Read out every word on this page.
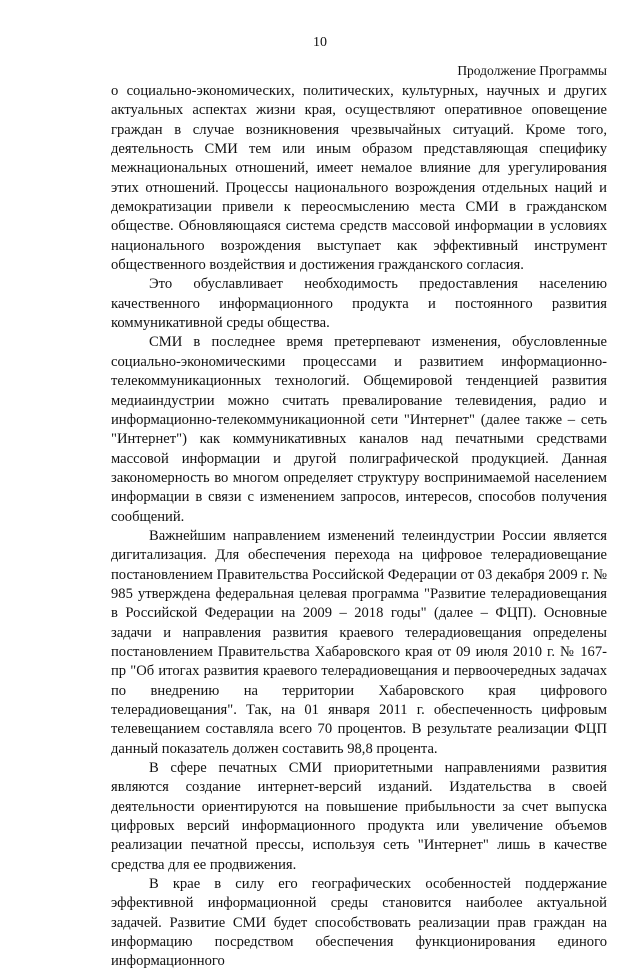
10
Продолжение Программы

о социально-экономических, политических, культурных, научных и других актуальных аспектах жизни края, осуществляют оперативное оповещение граждан в случае возникновения чрезвычайных ситуаций. Кроме того, деятельность СМИ тем или иным образом представляющая специфику межнациональных отношений, имеет немалое влияние для урегулирования этих отношений. Процессы национального возрождения отдельных наций и демократизации привели к переосмыслению места СМИ в гражданском обществе. Обновляющаяся система средств массовой информации в условиях национального возрождения выступает как эффективный инструмент общественного воздействия и достижения гражданского согласия.

Это обуславливает необходимость предоставления населению качественного информационного продукта и постоянного развития коммуникативной среды общества.

СМИ в последнее время претерпевают изменения, обусловленные социально-экономическими процессами и развитием информационно-телекоммуникационных технологий. Общемировой тенденцией развития медиаиндустрии можно считать превалирование телевидения, радио и информационно-телекоммуникационной сети "Интернет" (далее также – сеть "Интернет") как коммуникативных каналов над печатными средствами массовой информации и другой полиграфической продукцией. Данная закономерность во многом определяет структуру воспринимаемой населением информации в связи с изменением запросов, интересов, способов получения сообщений.

Важнейшим направлением изменений телеиндустрии России является дигитализация. Для обеспечения перехода на цифровое телерадиовещание постановлением Правительства Российской Федерации от 03 декабря 2009 г. № 985 утверждена федеральная целевая программа "Развитие телерадиовещания в Российской Федерации на 2009 – 2018 годы" (далее – ФЦП). Основные задачи и направления развития краевого телерадиовещания определены постановлением Правительства Хабаровского края от 09 июля 2010 г. № 167-пр "Об итогах развития краевого телерадиовещания и первоочередных задачах по внедрению на территории Хабаровского края цифрового телерадиовещания". Так, на 01 января 2011 г. обеспеченность цифровым телевещанием составляла всего 70 процентов. В результате реализации ФЦП данный показатель должен составить 98,8 процента.

В сфере печатных СМИ приоритетными направлениями развития являются создание интернет-версий изданий. Издательства в своей деятельности ориентируются на повышение прибыльности за счет выпуска цифровых версий информационного продукта или увеличение объемов реализации печатной прессы, используя сеть "Интернет" лишь в качестве средства для ее продвижения.

В крае в силу его географических особенностей поддержание эффективной информационной среды становится наиболее актуальной задачей. Развитие СМИ будет способствовать реализации прав граждан на информацию посредством обеспечения функционирования единого информационного
